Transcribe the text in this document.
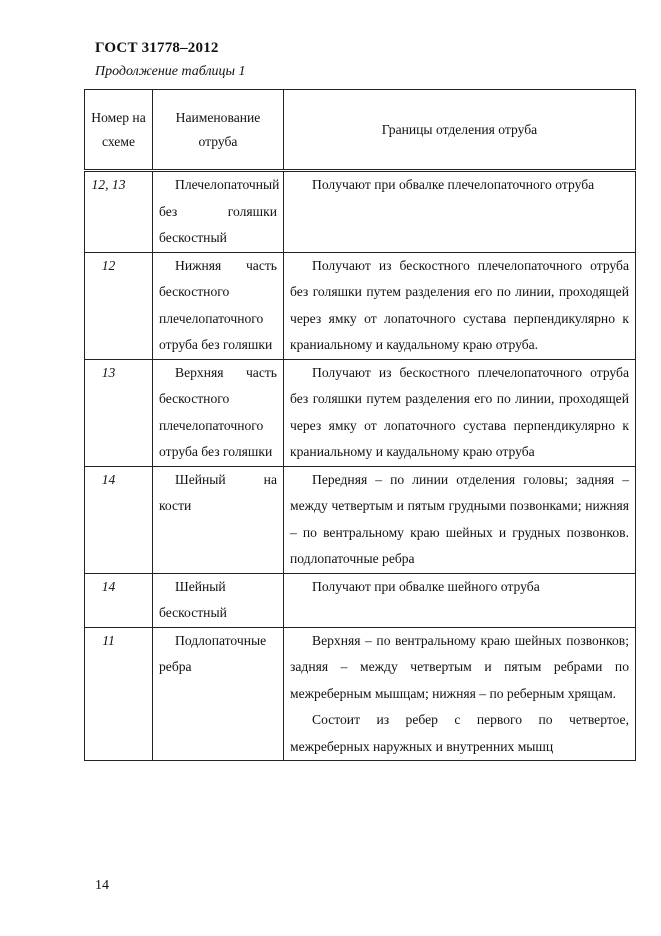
ГОСТ 31778–2012
Продолжение таблицы 1
Номер на схеме	Наименование отруба	Границы отделения отруба
12, 13	Плечелопаточный без голяшки бескостный	Получают при обвалке плечелопаточного отруба

12	Нижняя часть бескостного плечелопаточного отруба без голяшки	Получают из бескостного плечелопаточного отруба без голяшки путем разделения его по линии, проходящей через ямку от лопаточного сустава перпендикулярно к краниальному и каудальному краю отруба.

13	Верхняя часть бескостного плечелопаточного отруба без голяшки	Получают из бескостного плечелопаточного отруба без голяшки путем разделения его по линии, проходящей через ямку от лопаточного сустава перпендикулярно к краниальному и каудальному краю отруба

14	Шейный на кости	Передняя – по линии отделения головы; задняя – между четвертым и пятым грудными позвонками; нижняя – по вентральному краю шейных и грудных позвонков. подлопаточные ребра

14	Шейный бескостный	Получают при обвалке шейного отруба

11	Подлопаточные ребра	Верхняя – по вентральному краю шейных позвонков; задняя – между четвертым и пятым ребрами по межреберным мышцам; нижняя – по реберным хрящам.

Состоит из ребер с первого по четвертое, межреберных наружных и внутренних мышц

14
